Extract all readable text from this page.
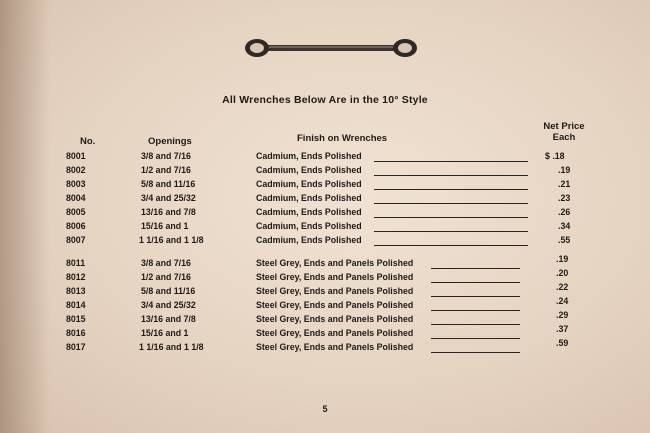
All Wrenches Below Are in the 10° Style
No.	Openings	Finish on Wrenches
Net Price
Each
8001	3/8 and 7/16	Cadmium, Ends Polished	$ .18
8002	1/2 and 7/16	Cadmium, Ends Polished	.19
8003	5/8 and 11/16	Cadmium, Ends Polished	.21
8004	3/4 and 25/32	Cadmium, Ends Polished	.23
8005	13/16 and 7/8	Cadmium, Ends Polished	.26
8006	15/16 and 1	Cadmium, Ends Polished	.34
8007	1 1/16 and 1 1/8	Cadmium, Ends Polished	.55
8011	3/8 and 7/16	Steel Grey, Ends and Panels Polished	.19
8012	1/2 and 7/16	Steel Grey, Ends and Panels Polished	.20
8013	5/8 and 11/16	Steel Grey, Ends and Panels Polished	.22
8014	3/4 and 25/32	Steel Grey, Ends and Panels Polished	.24
8015	13/16 and 7/8	Steel Grey, Ends and Panels Polished	.29
8016	15/16 and 1	Steel Grey, Ends and Panels Polished	.37
8017	1 1/16 and 1 1/8	Steel Grey, Ends and Panels Polished	.59
5
